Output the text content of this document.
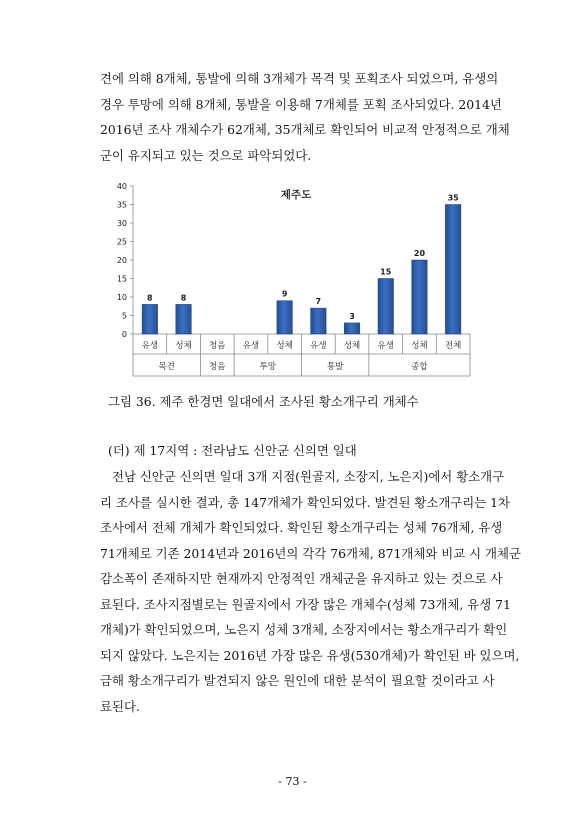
견에 의해 8개체, 통발에 의해 3개체가 목격 및 포획조사 되었으며, 유생의
경우 투망에 의해 8개체, 통발을 이용해 7개체를 포획 조사되었다. 2014년
2016년 조사 개체수가 62개체, 35개체로 확인되어 비교적 안정적으로 개체
군이 유지되고 있는 것으로 파악되었다.
0
5
10
15
20
25
30
35
40
유생 성체 청음 유생 성체 유생 성체 유생 성체 전체
목견	청음	투망	통발	종합
8	8	9
7
3
15
20
35
제주도

그림 36. 제주 한경면 일대에서 조사된 황소개구리 개체수

(더) 제 17지역 : 전라남도 신안군 신의면 일대

전남 신안군 신의면 일대 3개 지점(원골지, 소장지, 노은지)에서 황소개구
리 조사를 실시한 결과, 총 147개체가 확인되었다. 발견된 황소개구리는 1차
조사에서 전체 개체가 확인되었다. 확인된 황소개구리는 성체 76개체, 유생
71개체로 기존 2014년과 2016년의 각각 76개체, 871개체와 비교 시 개체군
감소폭이 존재하지만 현재까지 안정적인 개체군을 유지하고 있는 것으로 사
료된다. 조사지점별로는 원골지에서 가장 많은 개체수(성체 73개체, 유생 71
개체)가 확인되었으며, 노은지 성체 3개체, 소장지에서는 황소개구리가 확인
되지 않았다. 노은지는 2016년 가장 많은 유생(530개체)가 확인된 바 있으며,
금해 황소개구리가 발견되지 않은 원인에 대한 분석이 필요할 것이라고 사
료된다.
- 73 -
